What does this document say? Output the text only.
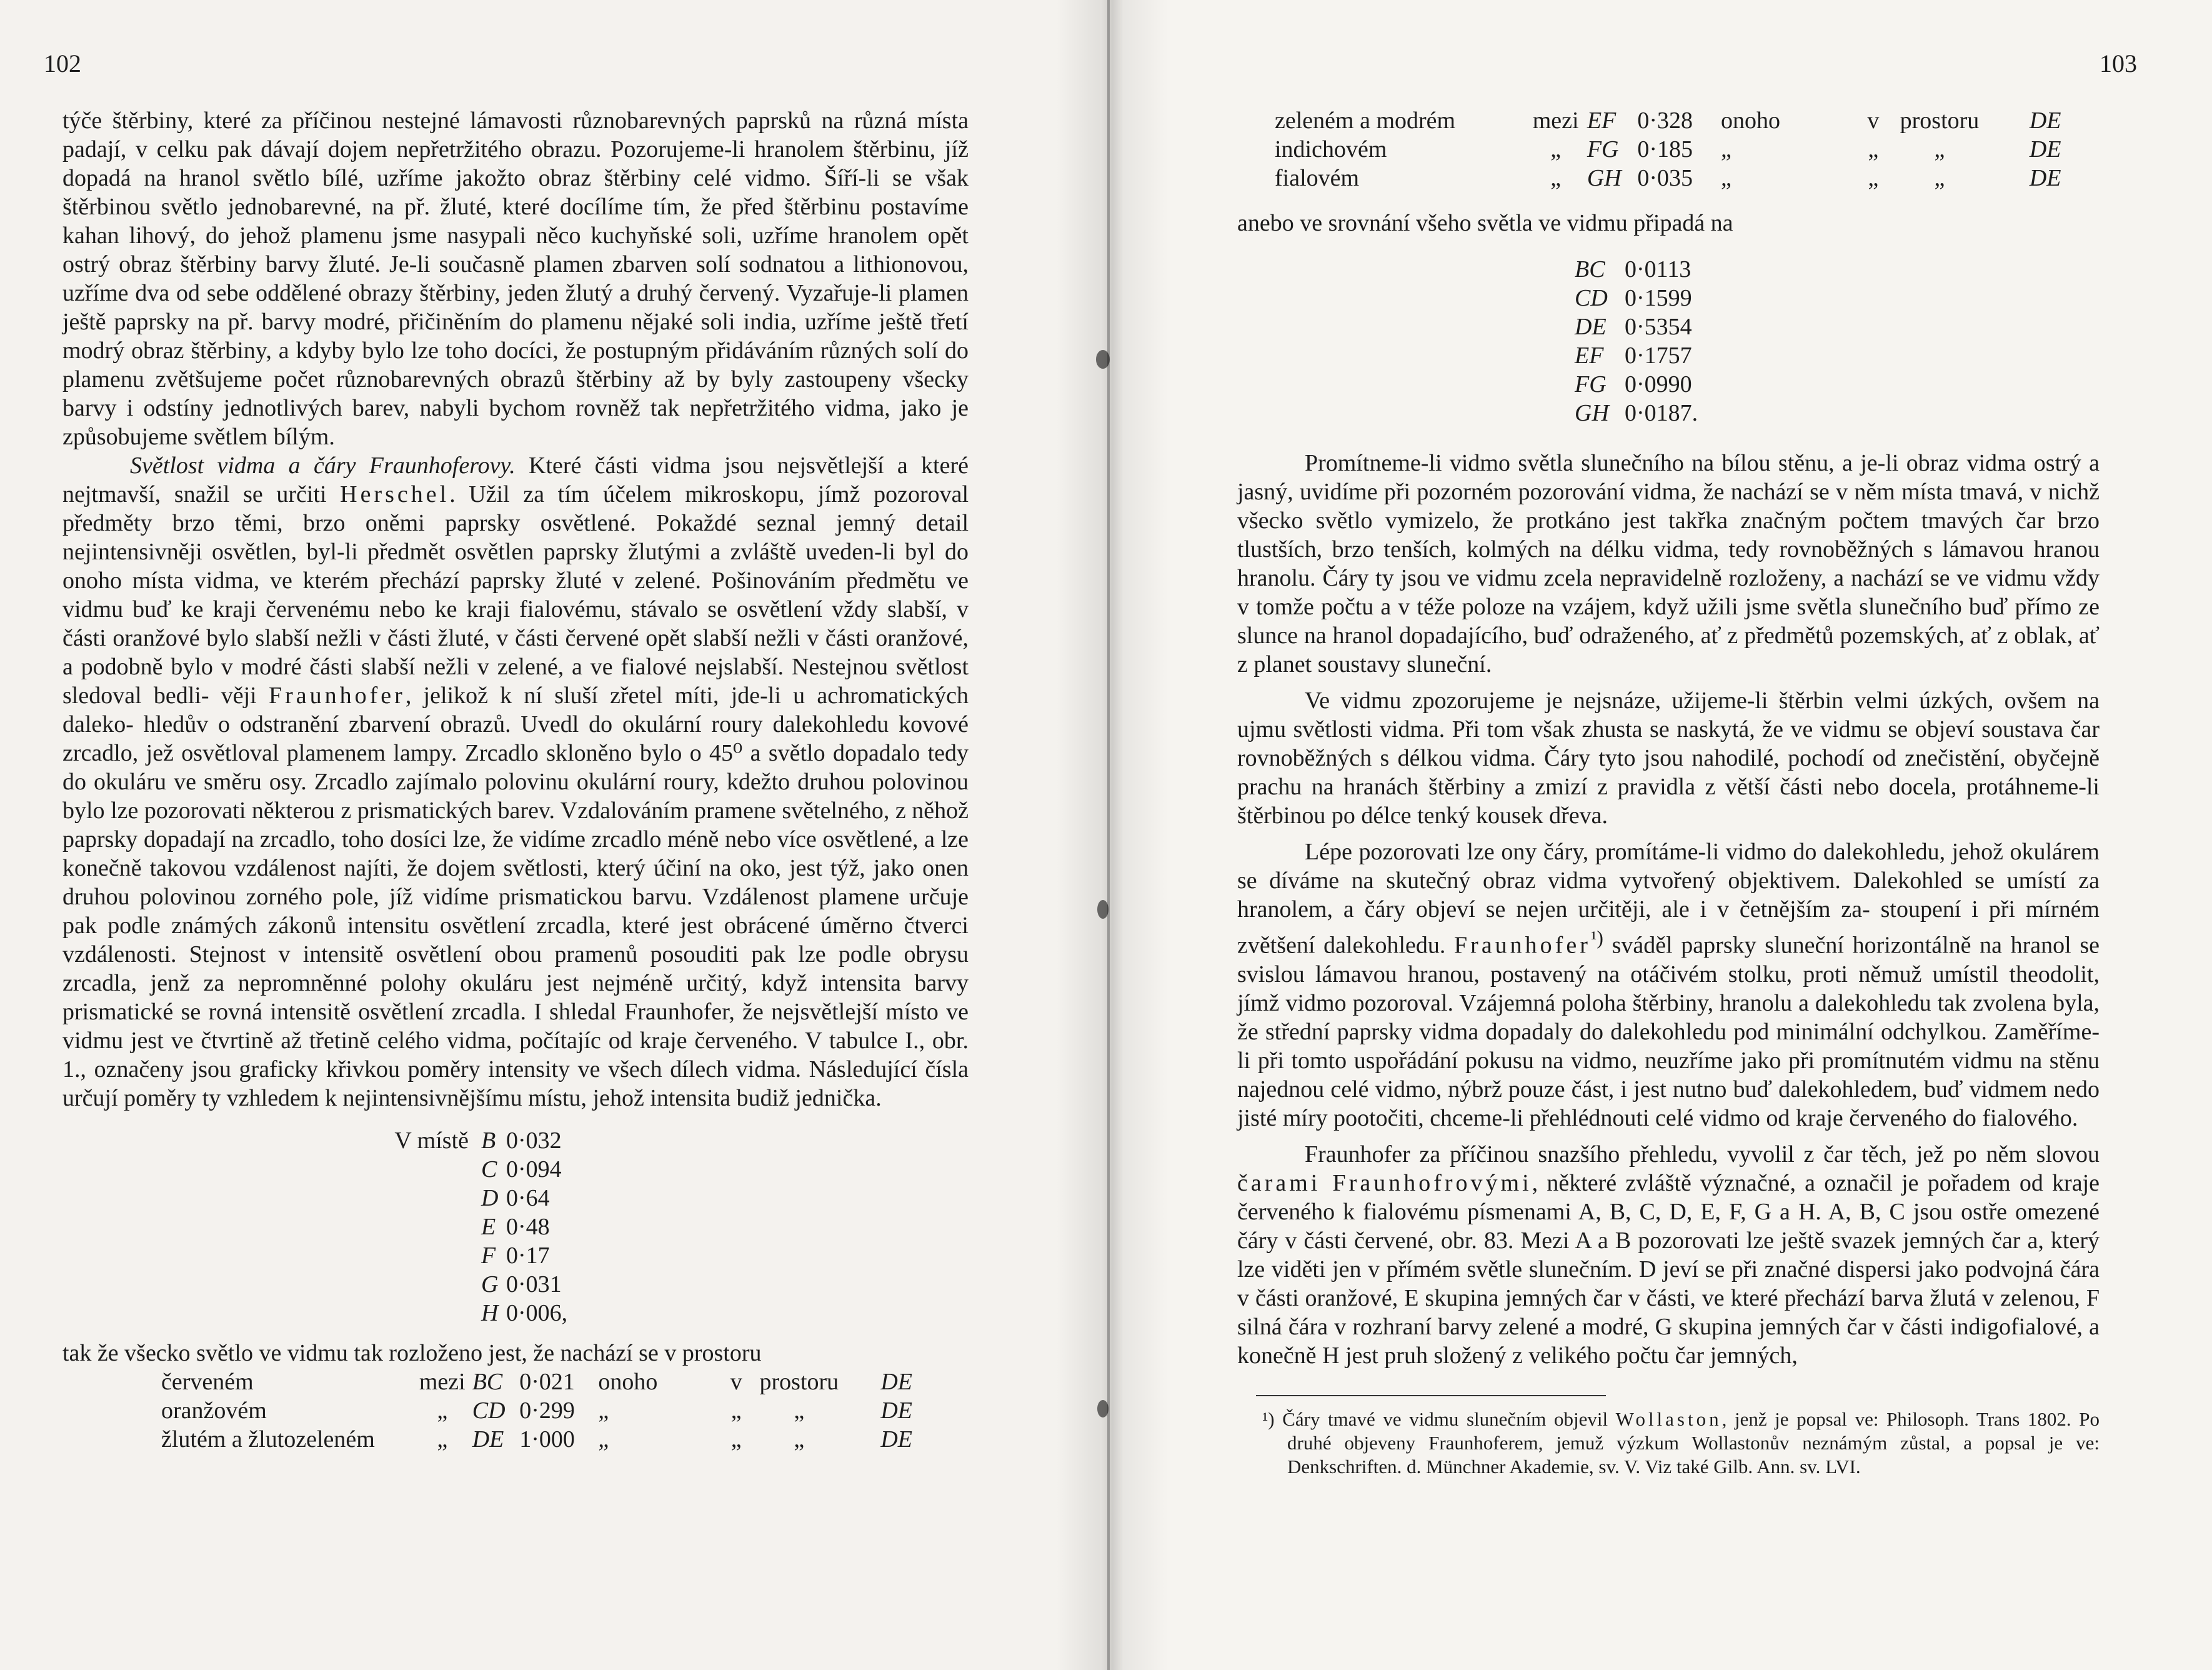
102

týče štěrbiny, které za příčinou nestejné lámavosti různobarevných paprsků na různá místa padají, v celku pak dávají dojem nepřetržitého obrazu. Pozorujeme-li hranolem štěrbinu, jíž dopadá na hranol světlo bílé, uzříme jakožto obraz štěrbiny celé vidmo. Šíří-li se však štěrbinou světlo jednobarevné, na př. žluté, které docílíme tím, že před štěrbinu postavíme kahan lihový, do jehož plamenu jsme nasypali něco kuchyňské soli, uzříme hranolem opět ostrý obraz štěrbiny barvy žluté. Je-li současně plamen zbarven solí sodnatou a lithionovou, uzříme dva od sebe oddělené obrazy štěrbiny, jeden žlutý a druhý červený. Vyzařuje-li plamen ještě paprsky na př. barvy modré, přičiněním do plamenu nějaké soli india, uzříme ještě třetí modrý obraz štěrbiny, a kdyby bylo lze toho docíci, že postupným přidáváním různých solí do plamenu zvětšujeme počet různobarevných obrazů štěrbiny až by byly zastoupeny všecky barvy i odstíny jednotlivých barev, nabyli bychom rovněž tak nepřetržitého vidma, jako je způsobujeme světlem bílým.

Světlost vidma a čáry Fraunhoferovy. Které části vidma jsou nejsvětlejší a které nejtmavší, snažil se určiti Herschel. Užil za tím účelem mikroskopu, jímž pozoroval předměty brzo těmi, brzo oněmi paprsky osvětlené. Pokaždé seznal jemný detail nejintensivněji osvětlen, byl-li předmět osvětlen paprsky žlutými a zvláště uveden-li byl do onoho místa vidma, ve kterém přechází paprsky žluté v zelené. Pošinováním předmětu ve vidmu buď ke kraji červenému nebo ke kraji fialovému, stávalo se osvětlení vždy slabší, v části oranžové bylo slabší nežli v části žluté, v části červené opět slabší nežli v části oranžové, a podobně bylo v modré části slabší nežli v zelené, a ve fialové nejslabší. Nestejnou světlost sledoval bedli- věji Fraunhofer, jelikož k ní sluší zřetel míti, jde-li u achromatických daleko- hledův o odstranění zbarvení obrazů. Uvedl do okulární roury dalekohledu kovové zrcadlo, jež osvětloval plamenem lampy. Zrcadlo skloněno bylo o 45⁰ a světlo dopadalo tedy do okuláru ve směru osy. Zrcadlo zajímalo polovinu okulární roury, kdežto druhou polovinou bylo lze pozorovati některou z prismatických barev. Vzdalováním pramene světelného, z něhož paprsky dopadají na zrcadlo, toho dosíci lze, že vidíme zrcadlo méně nebo více osvětlené, a lze konečně takovou vzdálenost najíti, že dojem světlosti, který účiní na oko, jest týž, jako onen druhou polovinou zorného pole, jíž vidíme prismatickou barvu. Vzdálenost plamene určuje pak podle známých zákonů intensitu osvětlení zrcadla, které jest obrácené úměrno čtverci vzdálenosti. Stejnost v intensitě osvětlení obou pramenů posouditi pak lze podle obrysu zrcadla, jenž za nepromněnné polohy okuláru jest nejméně určitý, když intensita barvy prismatické se rovná intensitě osvětlení zrcadla. I shledal Fraunhofer, že nejsvětlejší místo ve vidmu jest ve čtvrtině až třetině celého vidma, počítajíc od kraje červeného. V tabulce I., obr. 1., označeny jsou graficky křivkou poměry intensity ve všech dílech vidma. Následující čísla určují poměry ty vzhledem k nejintensivnějšímu místu, jehož intensita budiž jednička.

V místě	B	0·032
	C	0·094
	D	0·64
	E	0·48
	F	0·17
	G	0·031
	H	0·006,

tak že všecko světlo ve vidmu tak rozloženo jest, že nachází se v prostoru

červeném	mezi	BC	0·021	onoho		v	prostoru		DE
oranžovém	„	CD	0·299	„		„	„		DE
žlutém a žlutozeleném	„	DE	1·000	„		„	„		DE
103
zeleném a modrém	mezi	EF	0·328	onoho		v	prostoru		DE
indichovém	„	FG	0·185	„		„	„		DE
fialovém	„	GH	0·035	„		„	„		DE

anebo ve srovnání všeho světla ve vidmu připadá na

BC	0·0113
CD	0·1599
DE	0·5354
EF	0·1757
FG	0·0990
GH	0·0187.

Promítneme-li vidmo světla slunečního na bílou stěnu, a je-li obraz vidma ostrý a jasný, uvidíme při pozorném pozorování vidma, že nachází se v něm místa tmavá, v nichž všecko světlo vymizelo, že protkáno jest takřka značným počtem tmavých čar brzo tlustších, brzo tenších, kolmých na délku vidma, tedy rovnoběžných s lámavou hranou hranolu. Čáry ty jsou ve vidmu zcela nepravidelně rozloženy, a nachází se ve vidmu vždy v tomže počtu a v téže poloze na vzájem, když užili jsme světla slunečního buď přímo ze slunce na hranol dopadajícího, buď odraženého, ať z předmětů pozemských, ať z oblak, ať z planet soustavy sluneční.

Ve vidmu zpozorujeme je nejsnáze, užijeme-li štěrbin velmi úzkých, ovšem na ujmu světlosti vidma. Při tom však zhusta se naskytá, že ve vidmu se objeví soustava čar rovnoběžných s délkou vidma. Čáry tyto jsou nahodilé, pochodí od znečistění, obyčejně prachu na hranách štěrbiny a zmizí z pravidla z větší části nebo docela, protáhneme-li štěrbinou po délce tenký kousek dřeva.

Lépe pozorovati lze ony čáry, promítáme-li vidmo do dalekohledu, jehož okulárem se díváme na skutečný obraz vidma vytvořený objektivem. Dalekohled se umístí za hranolem, a čáry objeví se nejen určitěji, ale i v četnějším za- stoupení i při mírném zvětšení dalekohledu. Fraunhofer$^{^1)}$ sváděl paprsky sluneční horizontálně na hranol se svislou lámavou hranou, postavený na otáčivém stolku, proti němuž umístil theodolit, jímž vidmo pozoroval. Vzájemná poloha štěrbiny, hranolu a dalekohledu tak zvolena byla, že střední paprsky vidma dopadaly do dalekohledu pod minimální odchylkou. Zaměříme-li při tomto uspořádání pokusu na vidmo, neuzříme jako při promítnutém vidmu na stěnu najednou celé vidmo, nýbrž pouze část, i jest nutno buď dalekohledem, buď vidmem nedo jisté míry pootočiti, chceme-li přehlédnouti celé vidmo od kraje červeného do fialového.

Fraunhofer za příčinou snazšího přehledu, vyvolil z čar těch, jež po něm slovou čarami Fraunhofrovými, některé zvláště význačné, a označil je pořadem od kraje červeného k fialovému písmenami A, B, C, D, E, F, G a H. A, B, C jsou ostře omezené čáry v části červené, obr. 83. Mezi A a B pozorovati lze ještě svazek jemných čar a, který lze viděti jen v přímém světle slunečním. D jeví se při značné dispersi jako podvojná čára v části oranžové, E skupina jemných čar v části, ve které přechází barva žlutá v zelenou, F silná čára v rozhraní barvy zelené a modré, G skupina jemných čar v části indigofialové, a konečně H jest pruh složený z velikého počtu čar jemných,

¹) Čáry tmavé ve vidmu slunečním objevil Wollaston, jenž je popsal ve: Philosoph. Trans 1802. Po druhé objeveny Fraunhoferem, jemuž výzkum Wollastonův neznámým zůstal, a popsal je ve: Denkschriften. d. Münchner Akademie, sv. V. Viz také Gilb. Ann. sv. LVI.
